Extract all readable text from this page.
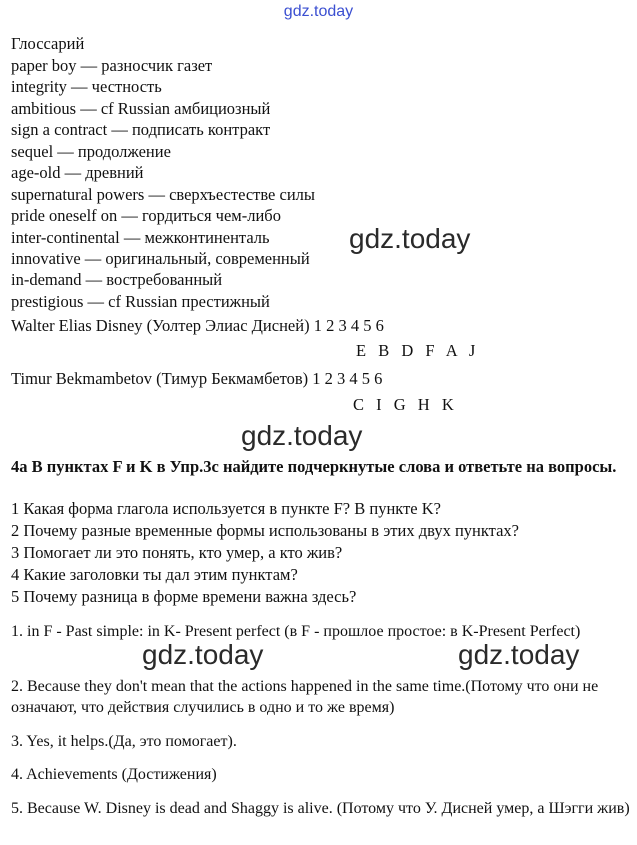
gdz.today
gdz.today
gdz.today
gdz.today	gdz.today
Глоссарий
paper boy — разносчик газет
integrity — честность
ambitious — cf Russian амбициозный
sign a contract — подписать контракт
sequel — продолжение
age-old — древний
supernatural powers — сверхъестестве силы
pride oneself on — гордиться чем-либо
inter-continental — межконтиненталь
innovative — оригинальный, современный
in-demand — востребованный
prestigious — cf Russian престижный
Walter Elias Disney (Уолтер Элиас Дисней) 1 2 3 4 5 6
E B D F A J
Timur Bekmambetov (Тимур Бекмамбетов) 1 2 3 4 5 6
C I G H K
4a В пунктах F и K в Упр.3c найдите подчеркнутые слова и ответьте на вопросы.
1 Какая форма глагола используется в пункте F? В пункте K?
2 Почему разные временные формы использованы в этих двух пунктах?
3 Помогает ли это понять, кто умер, а кто жив?
4 Какие заголовки ты дал этим пунктам?
5 Почему разница в форме времени важна здесь?
1. in F - Past simple: in K- Present perfect (в F - прошлое простое: в K-Present Perfect)
2. Because they don't mean that the actions happened in the same time.(Потому что они не означают, что действия случились в одно и то же время)
3. Yes, it helps.(Да, это помогает).
4. Achievements (Достижения)
5. Because W. Disney is dead and Shaggy is alive. (Потому что У. Дисней умер, а Шэгги жив)
